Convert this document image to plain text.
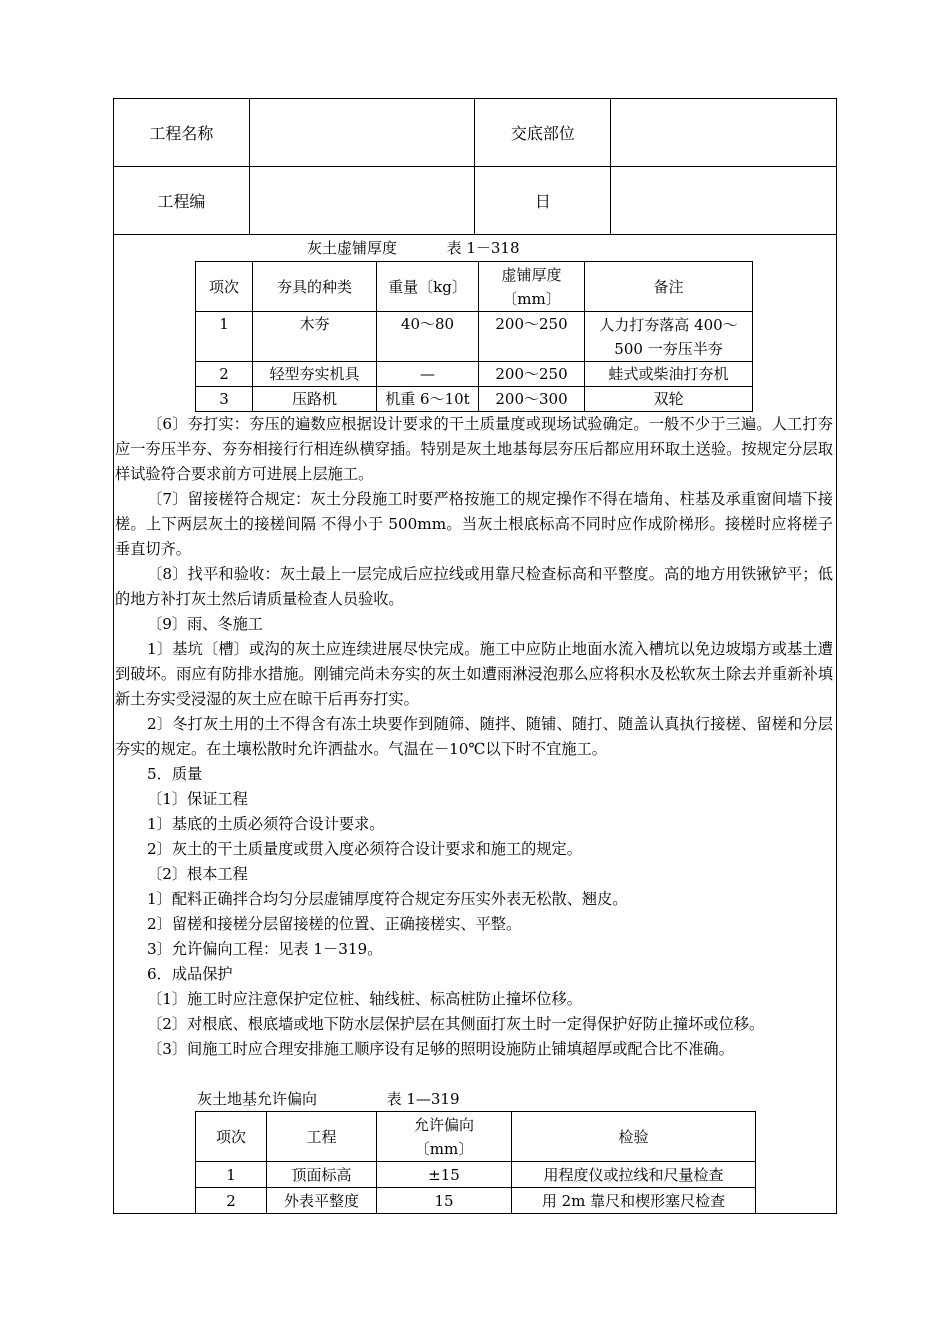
工程名称		交底部位	
工程编		日	
灰土虚铺厚度	表 1－318
项次	夯具的种类	重量〔kg〕	虚铺厚度〔mm〕	备注
1	木夯	40～80	200～250	人力打夯落高 400～500 一夯压半夯
2	轻型夯实机具	—	200～250	蛙式或柴油打夯机
3	压路机	机重 6～10t	200～300	双轮

〔6〕夯打实：夯压的遍数应根据设计要求的干土质量度或现场试验确定。一般不少于三遍。人工打夯应一夯压半夯、夯夯相接行行相连纵横穿插。特别是灰土地基每层夯压后都应用环取土送验。按规定分层取样试验符合要求前方可进展上层施工。

〔7〕留接槎符合规定：灰土分段施工时要严格按施工的规定操作不得在墙角、柱基及承重窗间墙下接槎。上下两层灰土的接槎间隔 不得小于 500mm。当灰土根底标高不同时应作成阶梯形。接槎时应将槎子垂直切齐。

〔8〕找平和验收：灰土最上一层完成后应拉线或用靠尺检查标高和平整度。高的地方用铁锹铲平；低的地方补打灰土然后请质量检查人员验收。

〔9〕雨、冬施工

1〕基坑〔槽〕或沟的灰土应连续进展尽快完成。施工中应防止地面水流入槽坑以免边坡塌方或基土遭到破坏。雨应有防排水措施。刚铺完尚未夯实的灰土如遭雨淋浸泡那么应将积水及松软灰土除去并重新补填新土夯实受浸湿的灰土应在晾干后再夯打实。

2〕冬打灰土用的土不得含有冻土块要作到随筛、随拌、随铺、随打、随盖认真执行接槎、留槎和分层夯实的规定。在土壤松散时允许洒盐水。气温在－10℃以下时不宜施工。

5．质量

〔1〕保证工程

1〕基底的土质必须符合设计要求。

2〕灰土的干土质量度或贯入度必须符合设计要求和施工的规定。

〔2〕根本工程

1〕配料正确拌合均匀分层虚铺厚度符合规定夯压实外表无松散、翘皮。

2〕留槎和接槎分层留接槎的位置、正确接槎实、平整。

3〕允许偏向工程：见表 1－319。

6．成品保护

〔1〕施工时应注意保护定位桩、轴线桩、标高桩防止撞坏位移。

〔2〕对根底、根底墙或地下防水层保护层在其侧面打灰土时一定得保护好防止撞坏或位移。

〔3〕间施工时应合理安排施工顺序设有足够的照明设施防止铺填超厚或配合比不准确。

灰土地基允许偏向	表 1—319
项次	工程	允许偏向〔mm〕	检验
1	顶面标高	±15	用程度仪或拉线和尺量检查
2	外表平整度	15	用 2m 靠尺和楔形塞尺检查
